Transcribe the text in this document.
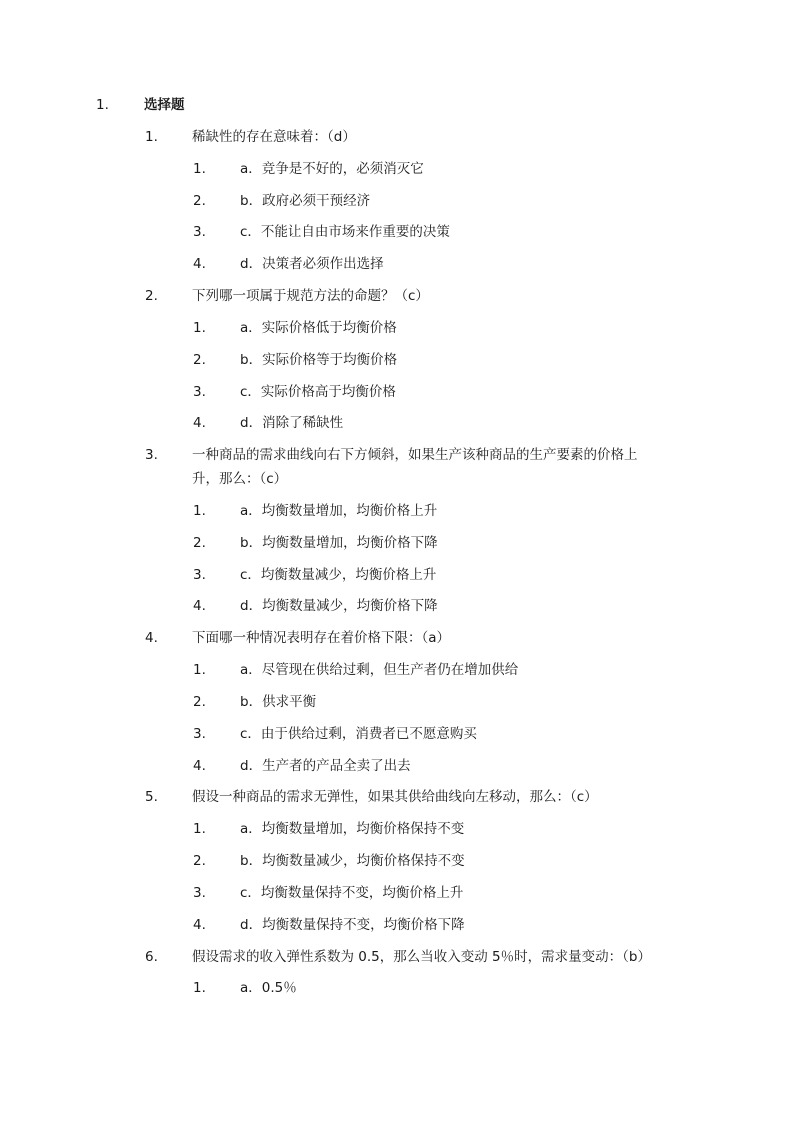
1.	选择题
1.	稀缺性的存在意味着：（d）
1.	a．竞争是不好的，必须消灭它
2.	b．政府必须干预经济
3.	c．不能让自由市场来作重要的决策
4.	d．决策者必须作出选择
2.	下列哪一项属于规范方法的命题？（c）
1.	a．实际价格低于均衡价格
2.	b．实际价格等于均衡价格
3.	c．实际价格高于均衡价格
4.	d．消除了稀缺性
3.	一种商品的需求曲线向右下方倾斜，如果生产该种商品的生产要素的价格上
升，那么：（c）
1.	a．均衡数量增加，均衡价格上升
2.	b．均衡数量增加，均衡价格下降
3.	c．均衡数量减少，均衡价格上升
4.	d．均衡数量减少，均衡价格下降
4.	下面哪一种情况表明存在着价格下限：（a）
1.	a．尽管现在供给过剩，但生产者仍在增加供给
2.	b．供求平衡
3.	c．由于供给过剩，消费者已不愿意购买
4.	d．生产者的产品全卖了出去
5.	假设一种商品的需求无弹性，如果其供给曲线向左移动，那么：（c）
1.	a．均衡数量增加，均衡价格保持不变
2.	b．均衡数量减少，均衡价格保持不变
3.	c．均衡数量保持不变，均衡价格上升
4.	d．均衡数量保持不变，均衡价格下降
6.	假设需求的收入弹性系数为 0.5，那么当收入变动 5％时，需求量变动：（b）
1.	a．0.5％
